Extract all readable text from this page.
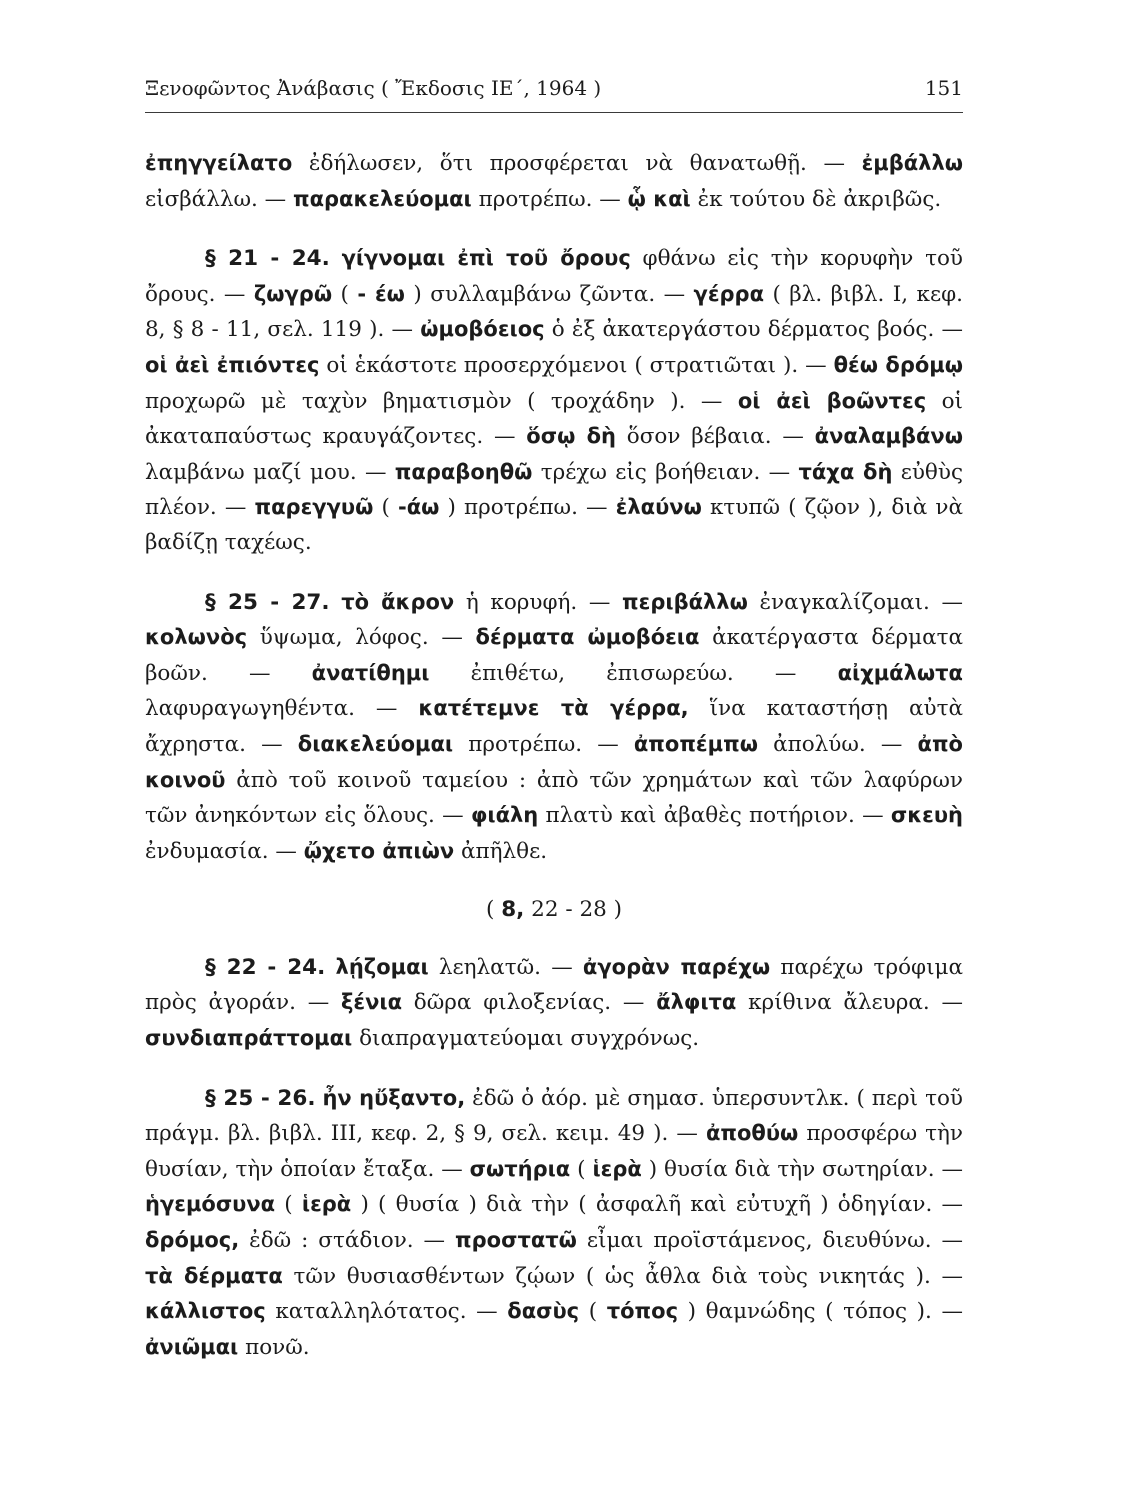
Ξενοφῶντος Ἀνάβασις ( Ἔκδοσις ΙΕ΄, 1964 )	151

ἐπηγγείλατο ἐδήλωσεν, ὅτι προσφέρεται νὰ θανατωθῇ. — ἐμβάλλω εἰσβάλλω. — παρακελεύομαι προτρέπω. — ᾧ καὶ ἐκ τούτου δὲ ἀκριβῶς.

§ 21 - 24. γίγνομαι ἐπὶ τοῦ ὄρους φθάνω εἰς τὴν κορυφὴν τοῦ ὄρους. — ζωγρῶ ( - έω ) συλλαμβάνω ζῶντα. — γέρρα ( βλ. βιβλ. Ι, κεφ. 8, § 8 - 11, σελ. 119 ). — ὠμοβόειος ὁ ἐξ ἀκατεργάστου δέρματος βοός. — οἱ ἀεὶ ἐπιόντες οἱ ἑκάστοτε προσερχόμενοι ( στρατιῶται ). — θέω δρόμῳ προχωρῶ μὲ ταχὺν βηματισμὸν ( τροχάδην ). — οἱ ἀεὶ βοῶντες οἱ ἀκαταπαύστως κραυγάζοντες. — ὅσῳ δὴ ὅσον βέβαια. — ἀναλαμβάνω λαμβάνω μαζί μου. — παραβοηθῶ τρέχω εἰς βοήθειαν. — τάχα δὴ εὐθὺς πλέον. — παρεγγυῶ ( -άω ) προτρέπω. — ἐλαύνω κτυπῶ ( ζῷον ), διὰ νὰ βαδίζῃ ταχέως.

§ 25 - 27. τὸ ἄκρον ἡ κορυφή. — περιβάλλω ἐναγκαλίζομαι. — κολωνὸς ὕψωμα, λόφος. — δέρματα ὠμοβόεια ἀκατέργαστα δέρματα βοῶν. — ἀνατίθημι ἐπιθέτω, ἐπισωρεύω. — αἰχμάλωτα λαφυραγωγηθέντα. — κατέτεμνε τὰ γέρρα, ἵνα καταστήσῃ αὐτὰ ἄχρηστα. — διακελεύομαι προτρέπω. — ἀποπέμπω ἀπολύω. — ἀπὸ κοινοῦ ἀπὸ τοῦ κοινοῦ ταμείου : ἀπὸ τῶν χρημάτων καὶ τῶν λαφύρων τῶν ἀνηκόντων εἰς ὅλους. — φιάλη πλατὺ καὶ ἀβαθὲς ποτήριον. — σκευὴ ἐνδυμασία. — ᾤχετο ἀπιὼν ἀπῆλθε.

( 8, 22 - 28 )

§ 22 - 24. λῄζομαι λεηλατῶ. — ἀγορὰν παρέχω παρέχω τρόφιμα πρὸς ἀγοράν. — ξένια δῶρα φιλοξενίας. — ἄλφιτα κρίθινα ἄλευρα. — συνδιαπράττομαι διαπραγματεύομαι συγχρόνως.

§ 25 - 26. ἦν ηὔξαντο, ἐδῶ ὁ ἀόρ. μὲ σημασ. ὑπερσυντλκ. ( περὶ τοῦ πράγμ. βλ. βιβλ. ΙΙΙ, κεφ. 2, § 9, σελ. κειμ. 49 ). — ἀποθύω προσφέρω τὴν θυσίαν, τὴν ὁποίαν ἔταξα. — σωτήρια ( ἱερὰ ) θυσία διὰ τὴν σωτηρίαν. — ἡγεμόσυνα ( ἱερὰ ) ( θυσία ) διὰ τὴν ( ἀσφαλῆ καὶ εὐτυχῆ ) ὁδηγίαν. — δρόμος, ἐδῶ : στάδιον. — προστατῶ εἶμαι προϊστάμενος, διευθύνω. — τὰ δέρματα τῶν θυσιασθέντων ζῴων ( ὡς ἆθλα διὰ τοὺς νικητάς ). — κάλλιστος καταλληλότατος. — δασὺς ( τόπος ) θαμνώδης ( τόπος ). — ἀνιῶμαι πονῶ.
